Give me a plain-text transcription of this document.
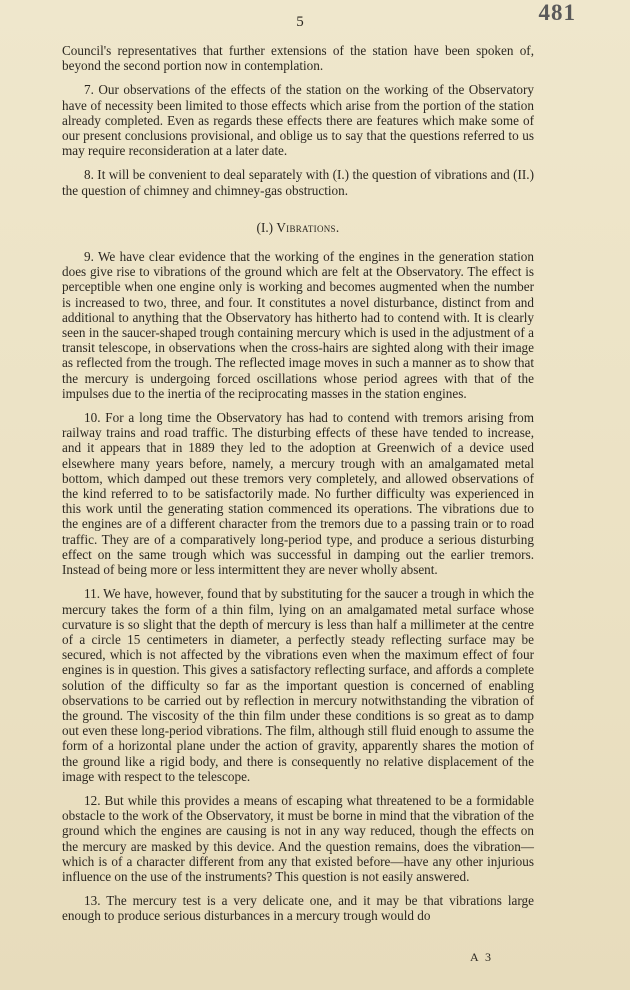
5	481

Council's representatives that further extensions of the station have been spoken of, beyond the second portion now in contemplation.

7. Our observations of the effects of the station on the working of the Observatory have of necessity been limited to those effects which arise from the portion of the station already completed. Even as regards these effects there are features which make some of our present conclusions provisional, and oblige us to say that the questions referred to us may require reconsideration at a later date.

8. It will be convenient to deal separately with (I.) the question of vibrations and (II.) the question of chimney and chimney-gas obstruction.

(I.) Vibrations.

9. We have clear evidence that the working of the engines in the generation station does give rise to vibrations of the ground which are felt at the Observatory. The effect is perceptible when one engine only is working and becomes augmented when the number is increased to two, three, and four. It constitutes a novel disturbance, distinct from and additional to anything that the Observatory has hitherto had to contend with. It is clearly seen in the saucer-shaped trough containing mercury which is used in the adjustment of a transit telescope, in observations when the cross-hairs are sighted along with their image as reflected from the trough. The reflected image moves in such a manner as to show that the mercury is undergoing forced oscillations whose period agrees with that of the impulses due to the inertia of the reciprocating masses in the station engines.

10. For a long time the Observatory has had to contend with tremors arising from railway trains and road traffic. The disturbing effects of these have tended to increase, and it appears that in 1889 they led to the adoption at Greenwich of a device used elsewhere many years before, namely, a mercury trough with an amalgamated metal bottom, which damped out these tremors very completely, and allowed observations of the kind referred to to be satisfactorily made. No further difficulty was experienced in this work until the generating station commenced its operations. The vibrations due to the engines are of a different character from the tremors due to a passing train or to road traffic. They are of a comparatively long-period type, and produce a serious disturbing effect on the same trough which was successful in damping out the earlier tremors. Instead of being more or less intermittent they are never wholly absent.

11. We have, however, found that by substituting for the saucer a trough in which the mercury takes the form of a thin film, lying on an amalgamated metal surface whose curvature is so slight that the depth of mercury is less than half a millimeter at the centre of a circle 15 centimeters in diameter, a perfectly steady reflecting surface may be secured, which is not affected by the vibrations even when the maximum effect of four engines is in question. This gives a satisfactory reflecting surface, and affords a complete solution of the difficulty so far as the important question is concerned of enabling observations to be carried out by reflection in mercury notwithstanding the vibration of the ground. The viscosity of the thin film under these conditions is so great as to damp out even these long-period vibrations. The film, although still fluid enough to assume the form of a horizontal plane under the action of gravity, apparently shares the motion of the ground like a rigid body, and there is consequently no relative displacement of the image with respect to the telescope.

12. But while this provides a means of escaping what threatened to be a formidable obstacle to the work of the Observatory, it must be borne in mind that the vibration of the ground which the engines are causing is not in any way reduced, though the effects on the mercury are masked by this device. And the question remains, does the vibration—which is of a character different from any that existed before—have any other injurious influence on the use of the instruments? This question is not easily answered.

13. The mercury test is a very delicate one, and it may be that vibrations large enough to produce serious disturbances in a mercury trough would do

A 3
